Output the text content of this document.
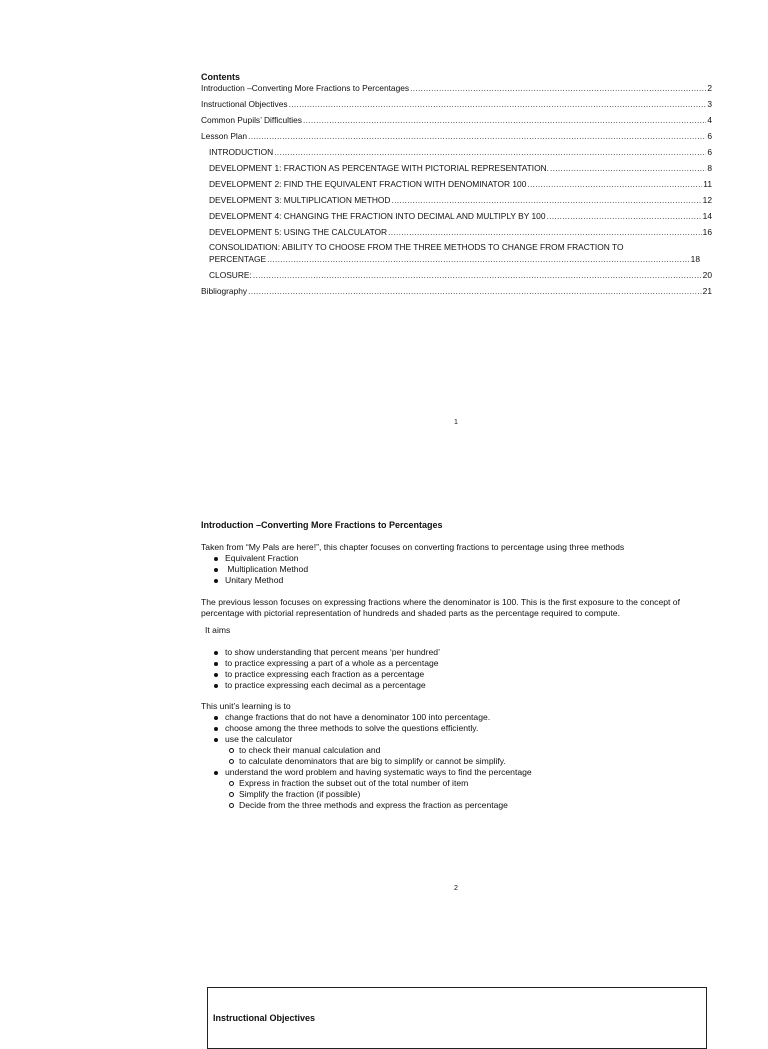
Contents
Introduction –Converting More Fractions to Percentages .....	2
Instructional Objectives .....	3
Common Pupils’ Difficulties .....	4
Lesson Plan .....	6
INTRODUCTION .....	6
DEVELOPMENT 1: FRACTION AS PERCENTAGE WITH PICTORIAL REPRESENTATION. .....	8
DEVELOPMENT 2: FIND THE EQUIVALENT FRACTION WITH DENOMINATOR 100 .....	11
DEVELOPMENT 3: MULTIPLICATION METHOD .....	12
DEVELOPMENT 4: CHANGING THE FRACTION INTO DECIMAL AND MULTIPLY BY 100 .....	14
DEVELOPMENT 5: USING THE CALCULATOR .....	16
CONSOLIDATION: ABILITY TO CHOOSE FROM THE THREE METHODS TO CHANGE FROM FRACTION TO
PERCENTAGE .....	18
CLOSURE: .....	20
Bibliography .....	21
1
Introduction –Converting More Fractions to Percentages
Taken from “My Pals are here!”, this chapter focuses on converting fractions to percentage using three methods
Equivalent Fraction
Multiplication Method
Unitary Method
The previous lesson focuses on expressing fractions where the denominator is 100. This is the first exposure to the concept of percentage with pictorial representation of hundreds and shaded parts as the percentage required to compute.
It aims
to show understanding that percent means ‘per hundred’
to practice expressing a part of a whole as a percentage
to practice expressing each fraction as a percentage
to practice expressing each decimal as a percentage
This unit’s learning is to
change fractions that do not have a denominator 100 into percentage.
choose among the three methods to solve the questions efficiently.
use the calculator
to check their manual calculation and
to calculate denominators that are big to simplify or cannot be simplify.
understand the word problem and having systematic ways to find the percentage
Express in fraction the subset out of the total number of item
Simplify the fraction (if possible)
Decide from the three methods and express the fraction as percentage
2
Instructional Objectives
